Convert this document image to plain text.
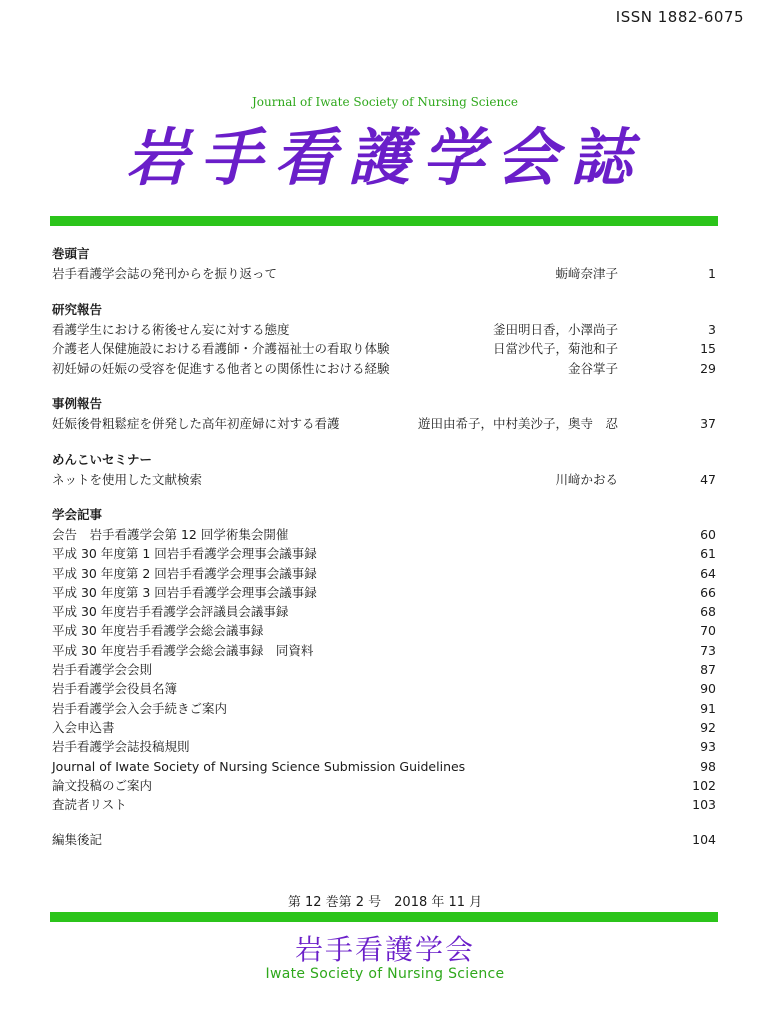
ISSN 1882-6075
Journal of Iwate Society of Nursing Science
岩手看護学会誌
巻頭言
岩手看護学会誌の発刊からを振り返って	蛎﨑奈津子	1
研究報告
看護学生における術後せん妄に対する態度	釜田明日香，小澤尚子	3
介護老人保健施設における看護師・介護福祉士の看取り体験	日當沙代子，菊池和子	15
初妊婦の妊娠の受容を促進する他者との関係性における経験	金谷掌子	29
事例報告
妊娠後骨粗鬆症を併発した高年初産婦に対する看護	遊田由希子，中村美沙子，奥寺　忍	37
めんこいセミナー
ネットを使用した文献検索	川﨑かおる	47
学会記事
会告　岩手看護学会第 12 回学術集会開催	60
平成 30 年度第 1 回岩手看護学会理事会議事録	61
平成 30 年度第 2 回岩手看護学会理事会議事録	64
平成 30 年度第 3 回岩手看護学会理事会議事録	66
平成 30 年度岩手看護学会評議員会議事録	68
平成 30 年度岩手看護学会総会議事録	70
平成 30 年度岩手看護学会総会議事録　同資料	73
岩手看護学会会則	87
岩手看護学会役員名簿	90
岩手看護学会入会手続きご案内	91
入会申込書	92
岩手看護学会誌投稿規則	93
Journal of Iwate Society of Nursing Science Submission Guidelines	98
論文投稿のご案内	102
査読者リスト	103
編集後記	104
第 12 巻第 2 号　2018 年 11 月
岩手看護学会
Iwate Society of Nursing Science
